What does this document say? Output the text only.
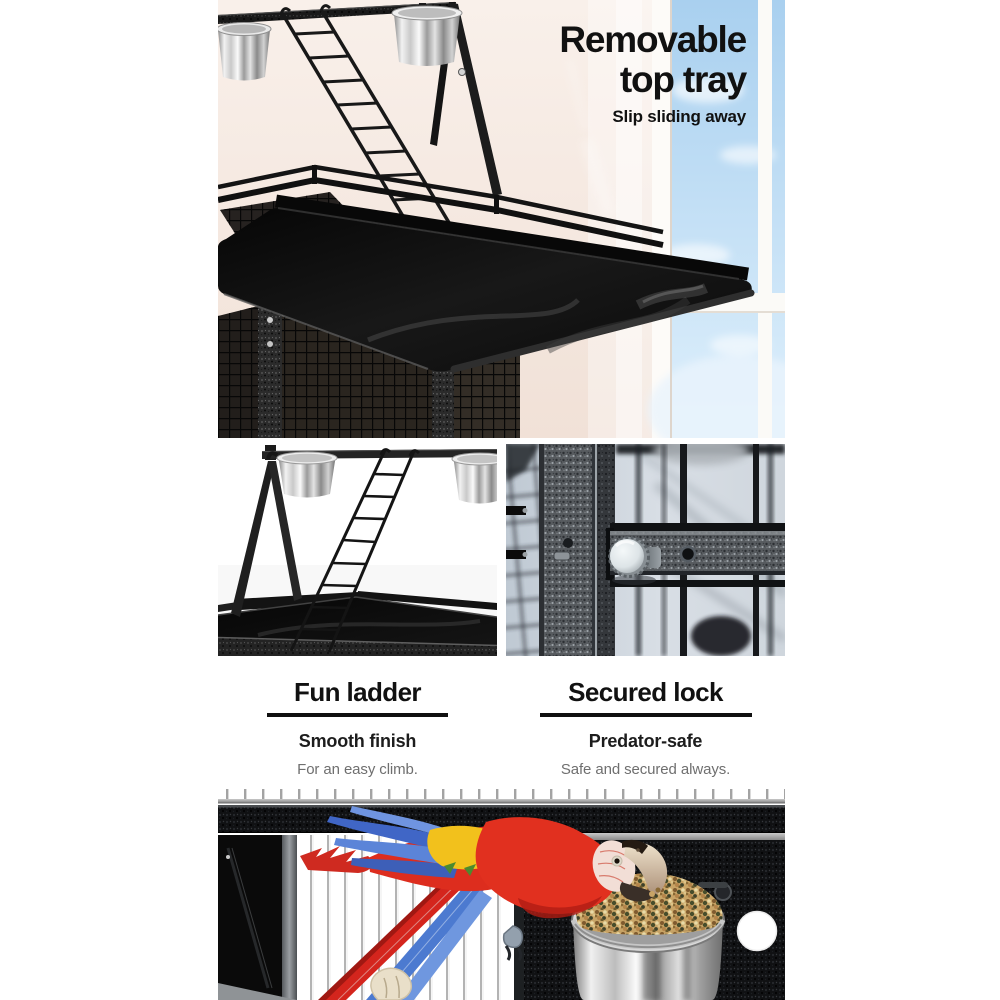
Removable
top tray
Slip sliding away
Fun ladder
Smooth finish
For an easy climb.
Secured lock
Predator-safe
Safe and secured always.
